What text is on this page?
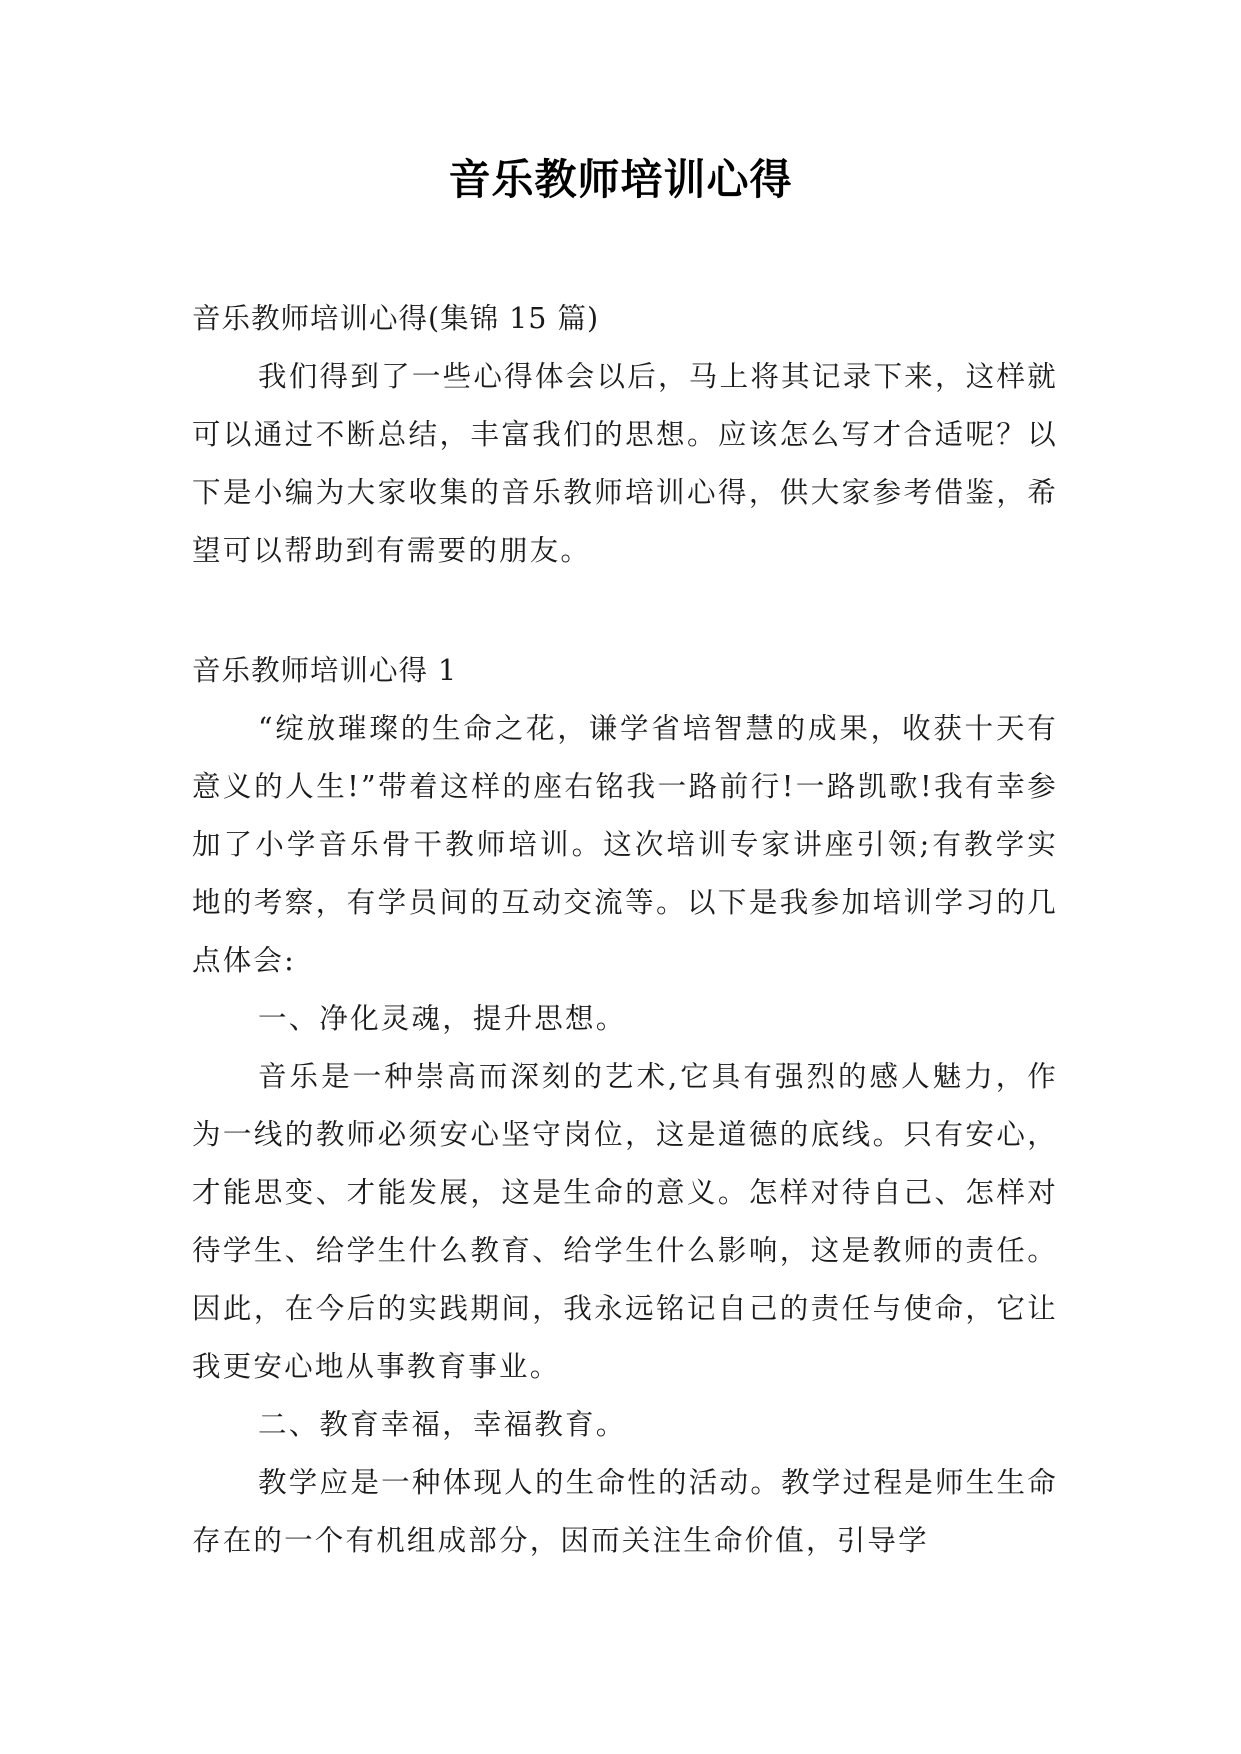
音乐教师培训心得

音乐教师培训心得(集锦 15 篇)

我们得到了一些心得体会以后，马上将其记录下来，这样就可以通过不断总结，丰富我们的思想。应该怎么写才合适呢？以下是小编为大家收集的音乐教师培训心得，供大家参考借鉴，希望可以帮助到有需要的朋友。

音乐教师培训心得 1

“绽放璀璨的生命之花，谦学省培智慧的成果，收获十天有意义的人生!”带着这样的座右铭我一路前行!一路凯歌!我有幸参加了小学音乐骨干教师培训。这次培训专家讲座引领;有教学实地的考察，有学员间的互动交流等。以下是我参加培训学习的几点体会:

一、净化灵魂，提升思想。

音乐是一种崇高而深刻的艺术,它具有强烈的感人魅力，作为一线的教师必须安心坚守岗位，这是道德的底线。只有安心，才能思变、才能发展，这是生命的意义。怎样对待自己、怎样对待学生、给学生什么教育、给学生什么影响，这是教师的责任。因此，在今后的实践期间，我永远铭记自己的责任与使命，它让我更安心地从事教育事业。

二、教育幸福，幸福教育。

教学应是一种体现人的生命性的活动。教学过程是师生生命存在的一个有机组成部分，因而关注生命价值，引导学
